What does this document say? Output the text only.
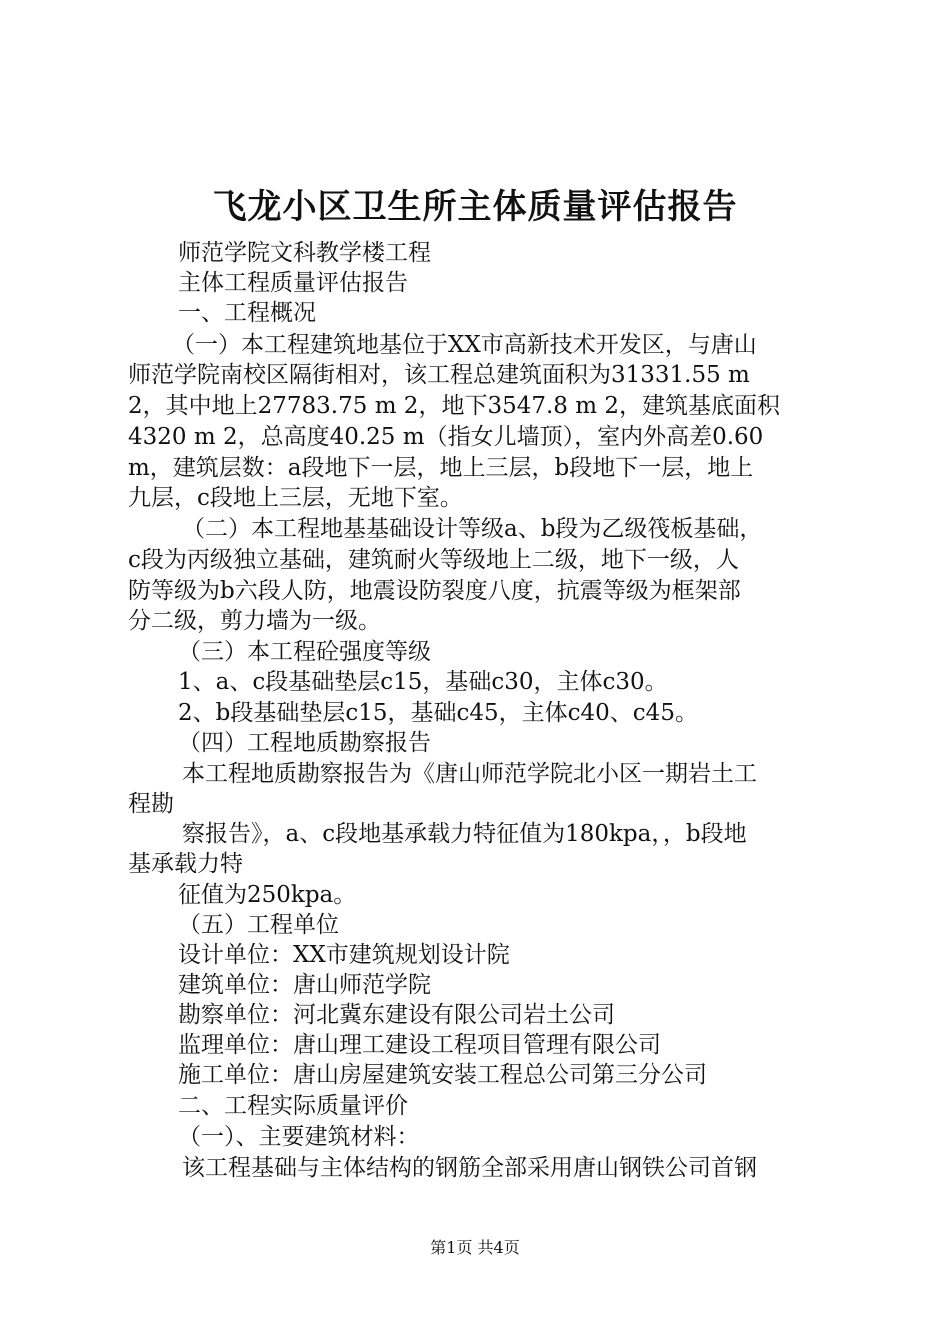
飞龙小区卫生所主体质量评估报告
师范学院文科教学楼工程
主体工程质量评估报告
一、工程概况
（一）本工程建筑地基位于XX市高新技术开发区，与唐山
师范学院南校区隔街相对，该工程总建筑面积为31331.55 m
2，其中地上27783.75 m 2，地下3547.8 m 2，建筑基底面积
4320 m 2，总高度40.25 m（指女儿墙顶），室内外高差0.60
m，建筑层数：a段地下一层，地上三层，b段地下一层，地上
九层，c段地上三层，无地下室。
（二）本工程地基基础设计等级a、b段为乙级筏板基础，
c段为丙级独立基础，建筑耐火等级地上二级，地下一级，人
防等级为b六段人防，地震设防裂度八度，抗震等级为框架部
分二级，剪力墙为一级。
（三）本工程砼强度等级
1、a、c段基础垫层c15，基础c30，主体c30。
2、b段基础垫层c15，基础c45，主体c40、c45。
（四）工程地质勘察报告
本工程地质勘察报告为《唐山师范学院北小区一期岩土工
程勘
察报告》，a、c段地基承载力特征值为180kpa，，b段地
基承载力特
征值为250kpa。
（五）工程单位
设计单位：XX市建筑规划设计院
建筑单位：唐山师范学院
勘察单位：河北冀东建设有限公司岩土公司
监理单位：唐山理工建设工程项目管理有限公司
施工单位：唐山房屋建筑安装工程总公司第三分公司
二、工程实际质量评价
（一）、主要建筑材料：
该工程基础与主体结构的钢筋全部采用唐山钢铁公司首钢
第1页 共4页
